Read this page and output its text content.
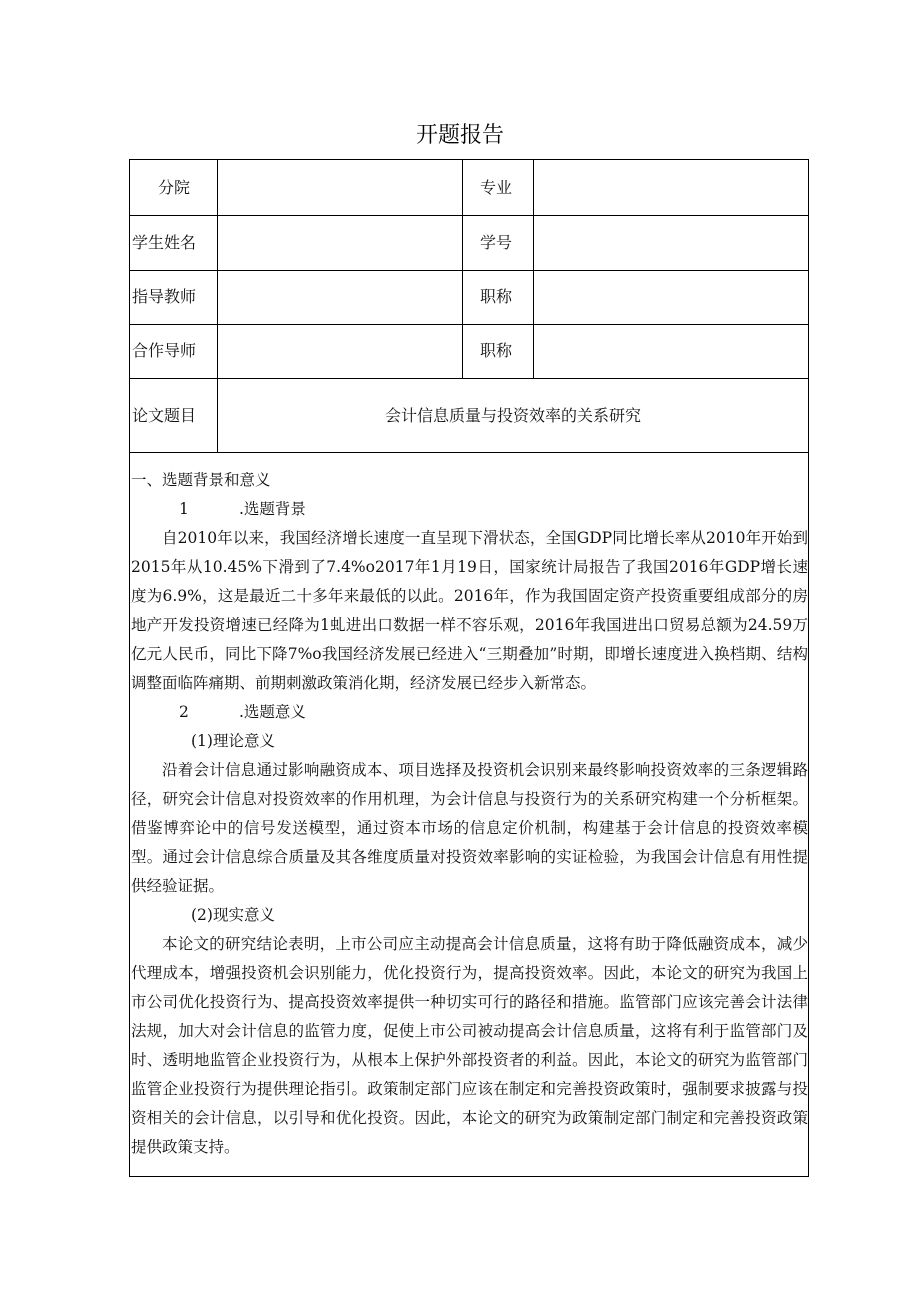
开题报告
分院	专业
学生姓名	学号
指导教师	职称
合作导师	职称
论文题目	会计信息质量与投资效率的关系研究

一、选题背景和意义

1	.选题背景

自2010年以来，我国经济增长速度一直呈现下滑状态，全国GDP同比增长率从2010年开始到2015年从10.45%下滑到了7.4%o2017年1月19日，国家统计局报告了我国2016年GDP增长速度为6.9%，这是最近二十多年来最低的以此。2016年，作为我国固定资产投资重要组成部分的房地产开发投资增速已经降为1虬进出口数据一样不容乐观，2016年我国进出口贸易总额为24.59万亿元人民币，同比下降7%o我国经济发展已经进入“三期叠加”时期，即增长速度进入换档期、结构调整面临阵痛期、前期刺激政策消化期，经济发展已经步入新常态。

2	.选题意义

(1)理论意义

沿着会计信息通过影响融资成本、项目选择及投资机会识别来最终影响投资效率的三条逻辑路径，研究会计信息对投资效率的作用机理，为会计信息与投资行为的关系研究构建一个分析框架。借鉴博弈论中的信号发送模型，通过资本市场的信息定价机制，构建基于会计信息的投资效率模型。通过会计信息综合质量及其各维度质量对投资效率影响的实证检验，为我国会计信息有用性提供经验证据。

(2)现实意义

本论文的研究结论表明，上市公司应主动提高会计信息质量，这将有助于降低融资成本，减少代理成本，增强投资机会识别能力，优化投资行为，提高投资效率。因此，本论文的研究为我国上市公司优化投资行为、提高投资效率提供一种切实可行的路径和措施。监管部门应该完善会计法律法规，加大对会计信息的监管力度，促使上市公司被动提高会计信息质量，这将有利于监管部门及时、透明地监管企业投资行为，从根本上保护外部投资者的利益。因此，本论文的研究为监管部门监管企业投资行为提供理论指引。政策制定部门应该在制定和完善投资政策时，强制要求披露与投资相关的会计信息，以引导和优化投资。因此，本论文的研究为政策制定部门制定和完善投资政策提供政策支持。
